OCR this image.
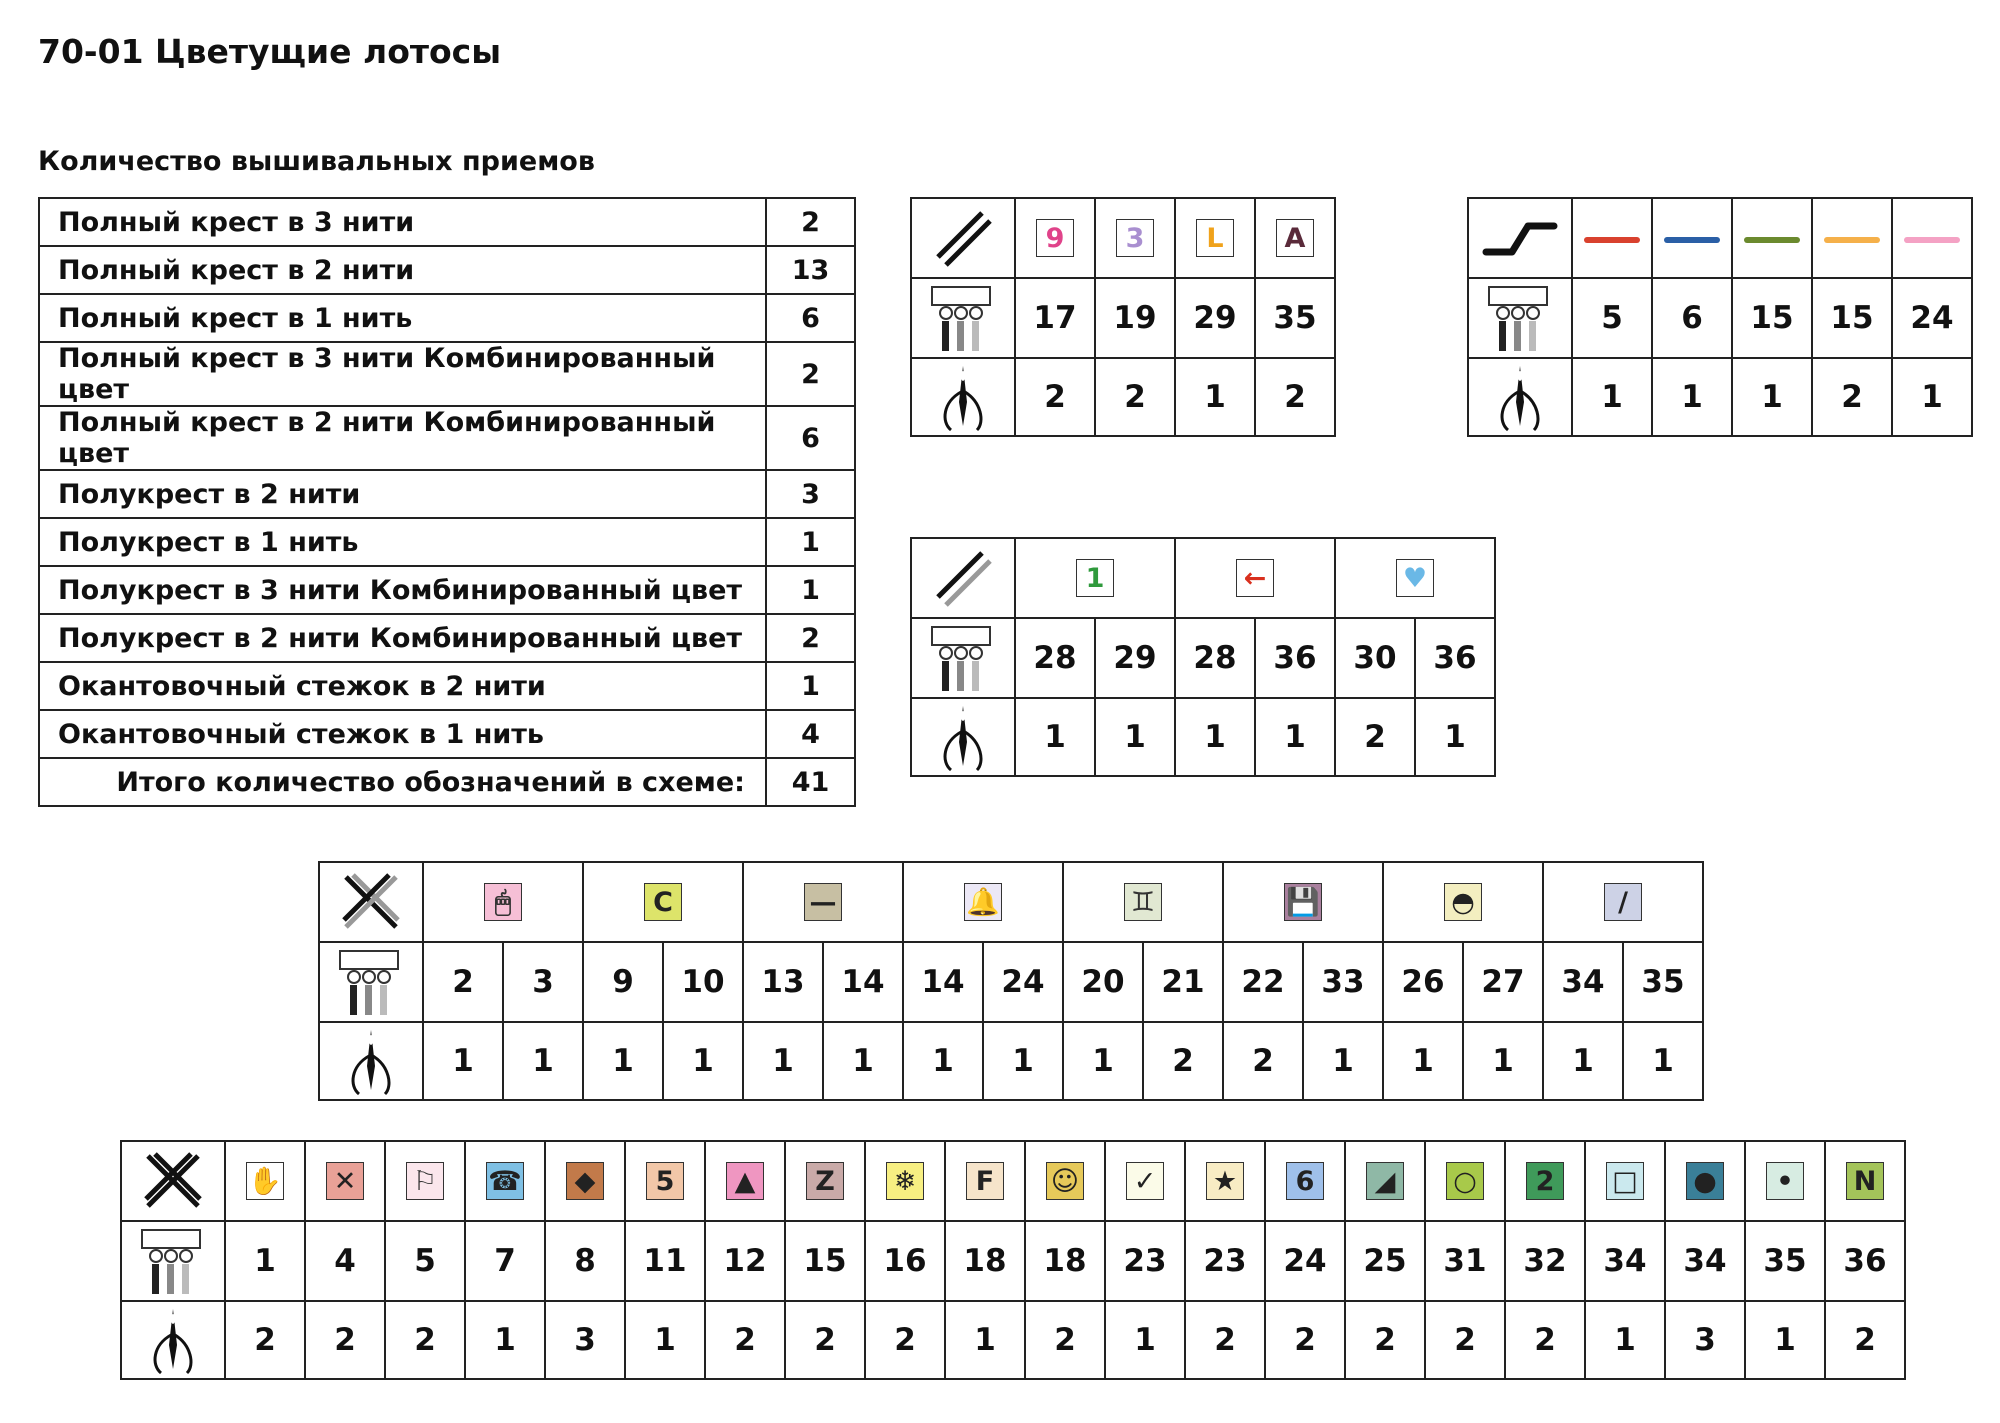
70-01 Цветущие лотосы
Количество вышивальных приемов
Полный крест в 3 нити	2
Полный крест в 2 нити	13
Полный крест в 1 нить	6
Полный крест в 3 нити Комбинированный цвет	2
Полный крест в 2 нити Комбинированный цвет	6
Полукрест в 2 нити	3
Полукрест в 1 нить	1
Полукрест в 3 нити Комбинированный цвет	1
Полукрест в 2 нити Комбинированный цвет	2
Окантовочный стежок в 2 нити	1
Окантовочный стежок в 1 нить	4
Итого количество обозначений в схеме:	41
	9	3	L	A

	17	19	29	35

	2	2	1	2

	5	6	15	15	24

	1	1	1	2	1
	1		←		♥	

	28	29	28	36	30	36

	1	1	1	1	2	1
	🖱		C		—		🔔		♊		💾		◓		/	

	2	3	9	10	13	14	14	24	20	21	22	33	26	27	34	35

	1	1	1	1	1	1	1	1	1	2	2	1	1	1	1	1
	✋	✕	⚐	☎	◆	5	▲	Z	❄	F	☺	✓	★	6	◢	○	2	□	●	•	N

	1	4	5	7	8	11	12	15	16	18	18	23	23	24	25	31	32	34	34	35	36

	2	2	2	1	3	1	2	2	2	1	2	1	2	2	2	2	2	1	3	1	2
